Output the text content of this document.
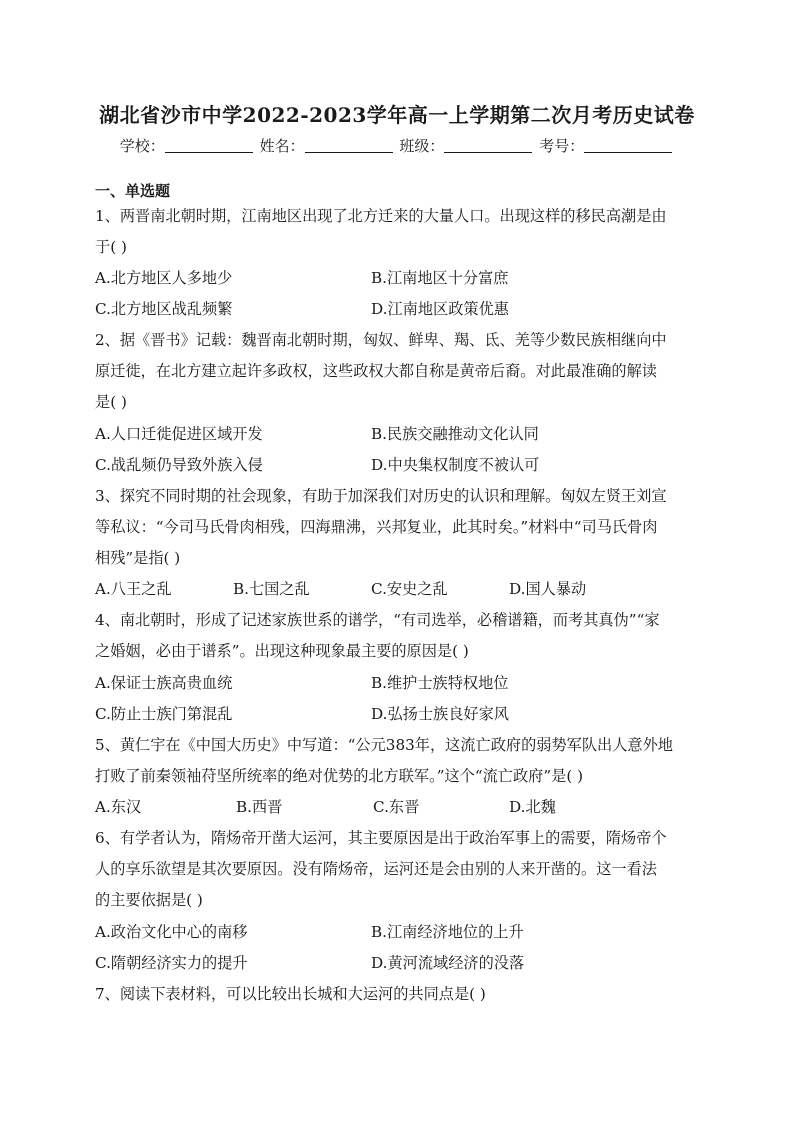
湖北省沙市中学2022-2023学年高一上学期第二次月考历史试卷
学校：	姓名：	班级：	考号：
一、单选题
1、两晋南北朝时期，江南地区出现了北方迁来的大量人口。出现这样的移民高潮是由
于( )
A.北方地区人多地少	B.江南地区十分富庶
C.北方地区战乱频繁	D.江南地区政策优惠
2、据《晋书》记载：魏晋南北朝时期，匈奴、鲜卑、羯、氐、羌等少数民族相继向中
原迁徙，在北方建立起许多政权，这些政权大都自称是黄帝后裔。对此最准确的解读
是( )
A.人口迁徙促进区域开发	B.民族交融推动文化认同
C.战乱频仍导致外族入侵	D.中央集权制度不被认可
3、探究不同时期的社会现象，有助于加深我们对历史的认识和理解。匈奴左贤王刘宣
等私议：“今司马氏骨肉相残，四海鼎沸，兴邦复业，此其时矣。”材料中“司马氏骨肉
相残”是指( )
A.八王之乱	B.七国之乱	C.安史之乱	D.国人暴动
4、南北朝时，形成了记述家族世系的谱学，“有司选举，必稽谱籍，而考其真伪”“家
之婚姻，必由于谱系”。出现这种现象最主要的原因是( )
A.保证士族高贵血统	B.维护士族特权地位
C.防止士族门第混乱	D.弘扬士族良好家风
5、黄仁宇在《中国大历史》中写道：“公元383年，这流亡政府的弱势军队出人意外地
打败了前秦领袖苻坚所统率的绝对优势的北方联军。”这个“流亡政府”是( )
A.东汉	B.西晋	C.东晋	D.北魏
6、有学者认为，隋炀帝开凿大运河，其主要原因是出于政治军事上的需要，隋炀帝个
人的享乐欲望是其次要原因。没有隋炀帝，运河还是会由别的人来开凿的。这一看法
的主要依据是( )
A.政治文化中心的南移	B.江南经济地位的上升
C.隋朝经济实力的提升	D.黄河流域经济的没落
7、阅读下表材料，可以比较出长城和大运河的共同点是( )
